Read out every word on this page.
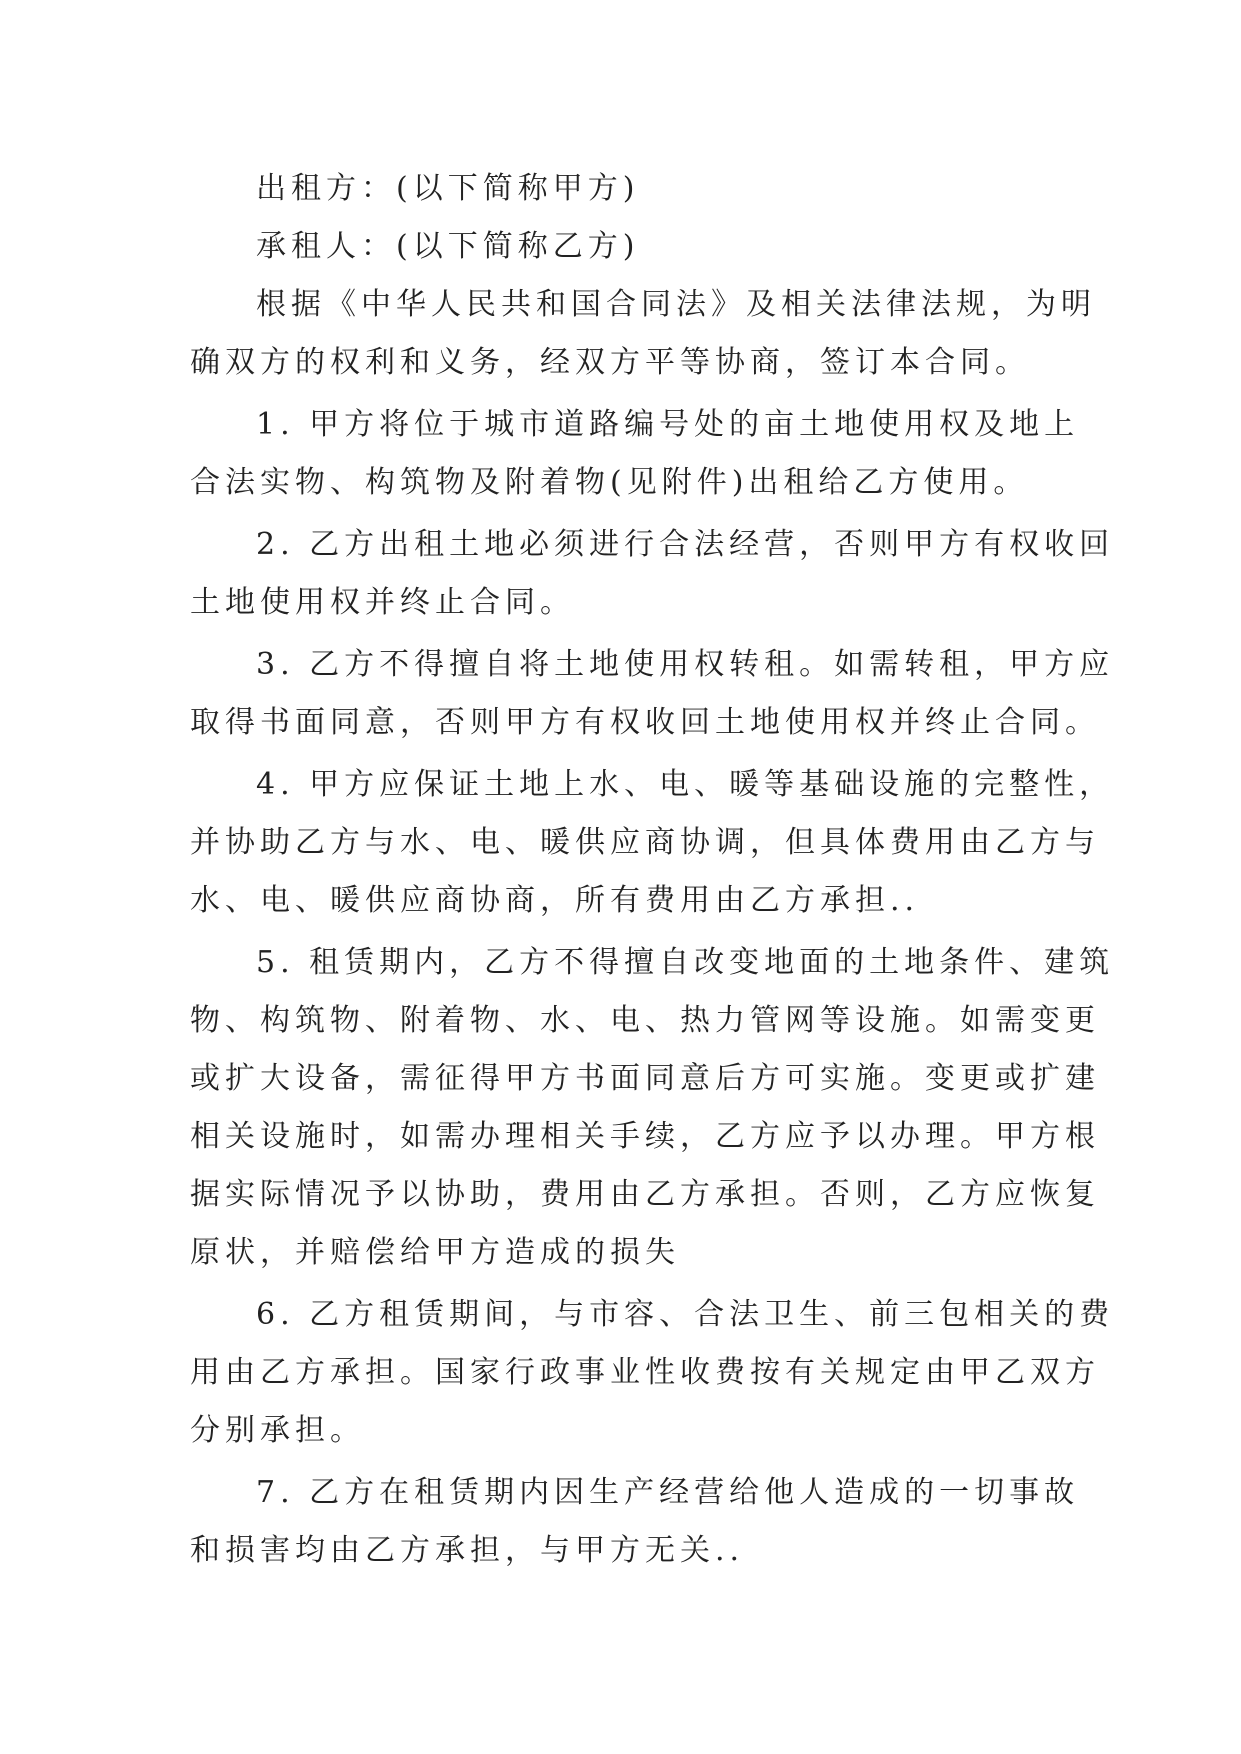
出租方：(以下简称甲方)
承租人：(以下简称乙方)
根据《中华人民共和国合同法》及相关法律法规，为明
确双方的权利和义务，经双方平等协商，签订本合同。
1. 甲方将位于城市道路编号处的亩土地使用权及地上
合法实物、构筑物及附着物(见附件)出租给乙方使用。
2. 乙方出租土地必须进行合法经营，否则甲方有权收回
土地使用权并终止合同。
3. 乙方不得擅自将土地使用权转租。如需转租，甲方应
取得书面同意，否则甲方有权收回土地使用权并终止合同。
4. 甲方应保证土地上水、电、暖等基础设施的完整性，
并协助乙方与水、电、暖供应商协调，但具体费用由乙方与
水、电、暖供应商协商，所有费用由乙方承担..
5. 租赁期内，乙方不得擅自改变地面的土地条件、建筑
物、构筑物、附着物、水、电、热力管网等设施。如需变更
或扩大设备，需征得甲方书面同意后方可实施。变更或扩建
相关设施时，如需办理相关手续，乙方应予以办理。甲方根
据实际情况予以协助，费用由乙方承担。否则，乙方应恢复
原状，并赔偿给甲方造成的损失
6. 乙方租赁期间，与市容、合法卫生、前三包相关的费
用由乙方承担。国家行政事业性收费按有关规定由甲乙双方
分别承担。
7. 乙方在租赁期内因生产经营给他人造成的一切事故
和损害均由乙方承担，与甲方无关..
